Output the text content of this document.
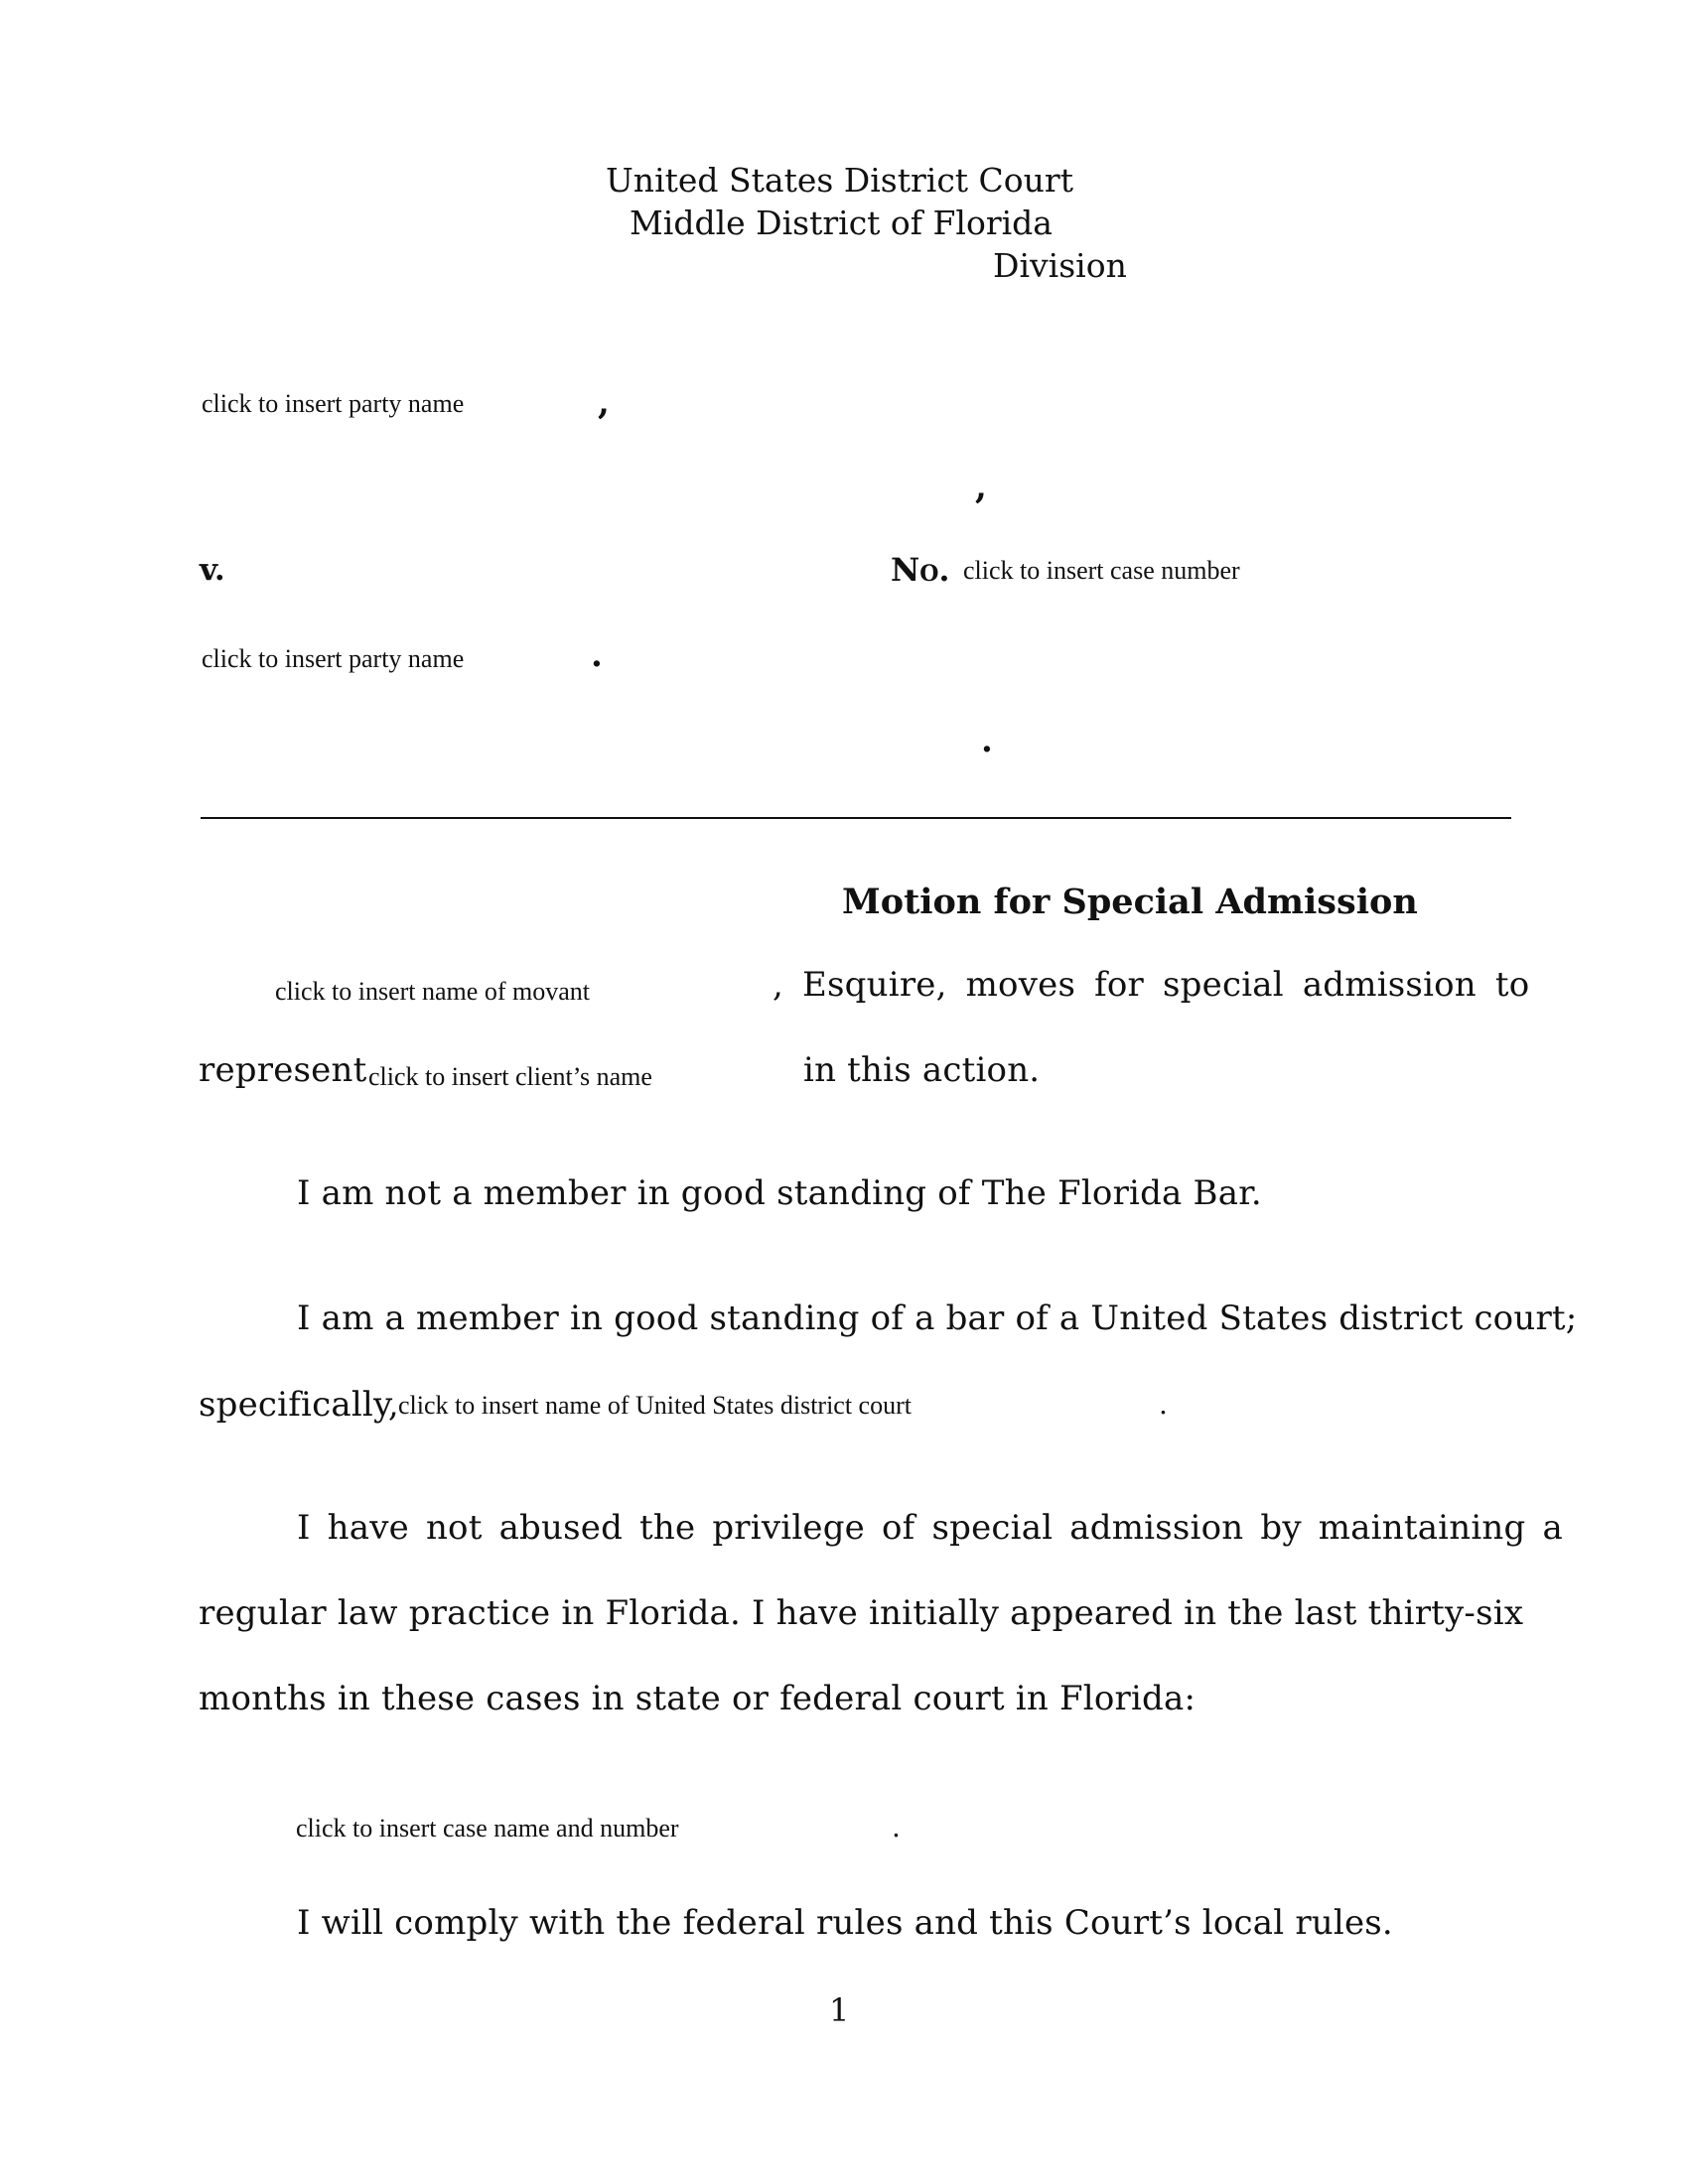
United States District Court
Middle District of Florida
Division
click to insert party name	,
,
v.	No. click to insert case number
click to insert party name	.
.
Motion for Special Admission
click to insert name of movant	, Esquire, moves for special admission to
represent click to insert client’s name	in this action.
I am not a member in good standing of The Florida Bar.
I am a member in good standing of a bar of a United States district court;
specifically, click to insert name of United States district court	.
I have not abused the privilege of special admission by maintaining a
regular law practice in Florida. I have initially appeared in the last thirty-six
months in these cases in state or federal court in Florida:
click to insert case name and number	.
I will comply with the federal rules and this Court’s local rules.
1
